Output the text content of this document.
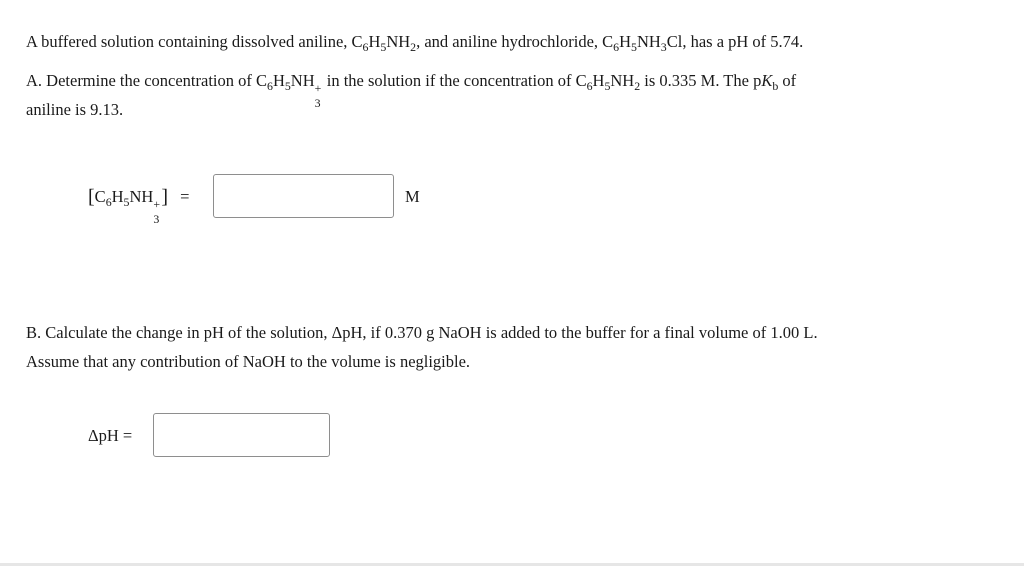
A buffered solution containing dissolved aniline, $C_6H_5NH_2$, and aniline hydrochloride, $C_6H_5NH_3Cl$, has a pH of 5.74.
A. Determine the concentration of $C_6H_5NH$ +
3
in the solution if the concentration of $C_6H_5NH_2$ is 0.335 M. The $pK_b$ of
aniline is 9.13.
[$C_6H_5NH$ +
3
] =	M
B. Calculate the change in pH of the solution, ΔpH, if 0.370 g NaOH is added to the buffer for a final volume of 1.00 L.
Assume that any contribution of NaOH to the volume is negligible.
ΔpH =
